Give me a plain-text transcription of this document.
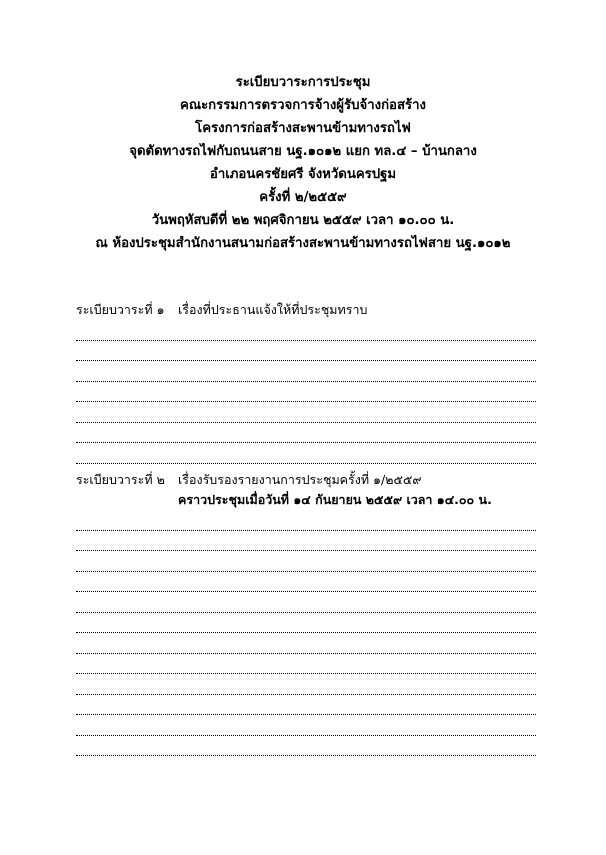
ระเบียบวาระการประชุม
คณะกรรมการตรวจการจ้างผู้รับจ้างก่อสร้าง
โครงการก่อสร้างสะพานข้ามทางรถไฟ
จุดตัดทางรถไฟกับถนนสาย นฐ.๑๐๑๒ แยก ทล.๔ – บ้านกลาง
อำเภอนครชัยศรี จังหวัดนครปฐม
ครั้งที่ ๒/๒๕๕๙
วันพฤหัสบดีที่ ๒๒ พฤศจิกายน ๒๕๕๙ เวลา ๑๐.๐๐ น.
ณ ห้องประชุมสำนักงานสนามก่อสร้างสะพานข้ามทางรถไฟสาย นฐ.๑๐๑๒
ระเบียบวาระที่ ๑ เรื่องที่ประธานแจ้งให้ที่ประชุมทราบ
ระเบียบวาระที่ ๒ เรื่องรับรองรายงานการประชุมครั้งที่ ๑/๒๕๕๙
คราวประชุมเมื่อวันที่ ๑๔ กันยายน ๒๕๕๙ เวลา ๑๔.๐๐ น.
